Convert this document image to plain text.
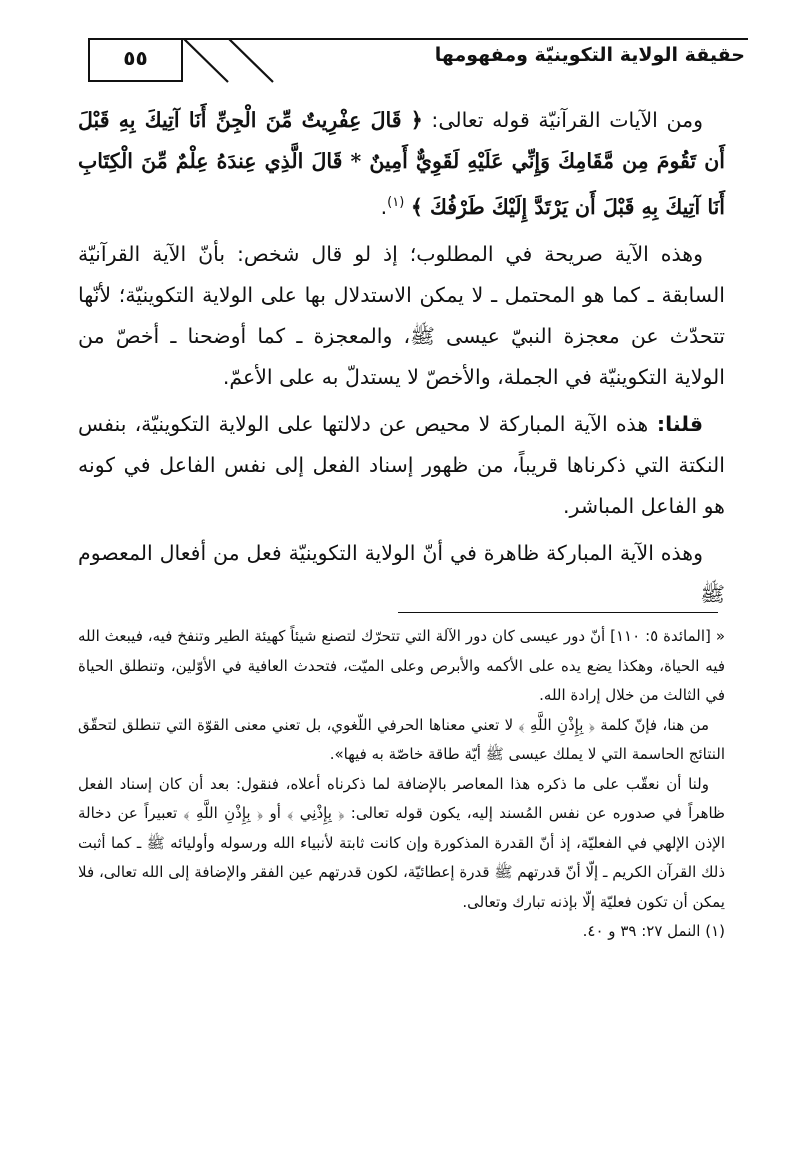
٥٥	حقيقة الولاية التكوينيّة ومفهومها

ومن الآيات القرآنيّة قوله تعالى: ﴿ قَالَ عِفْرِيتٌ مِّنَ الْجِنِّ أَنَا آتِيكَ بِهِ قَبْلَ أَن تَقُومَ مِن مَّقَامِكَ وَإِنِّي عَلَيْهِ لَقَوِيٌّ أَمِينٌ * قَالَ الَّذِي عِندَهُ عِلْمٌ مِّنَ الْكِتَابِ أَنَا آتِيكَ بِهِ قَبْلَ أَن يَرْتَدَّ إِلَيْكَ طَرْفُكَ ﴾ $^{(١)}$.

وهذه الآية صريحة في المطلوب؛ إذ لو قال شخص: بأنّ الآية القرآنيّة السابقة ـ كما هو المحتمل ـ لا يمكن الاستدلال بها على الولاية التكوينيّة؛ لأنّها تتحدّث عن معجزة النبيّ عيسى ﷺ، والمعجزة ـ كما أوضحنا ـ أخصّ من الولاية التكوينيّة في الجملة، والأخصّ لا يستدلّ به على الأعمّ.

قلنا: هذه الآية المباركة لا محيص عن دلالتها على الولاية التكوينيّة، بنفس النكتة التي ذكرناها قريباً، من ظهور إسناد الفعل إلى نفس الفاعل في كونه هو الفاعل المباشر.

وهذه الآية المباركة ظاهرة في أنّ الولاية التكوينيّة فعل من أفعال المعصوم ﷺ

« [المائدة ٥: ١١٠] أنّ دور عيسى كان دور الآلة التي تتحرّك لتصنع شيئاً كهيئة الطير وتنفخ فيه، فيبعث الله فيه الحياة، وهكذا يضع يده على الأكمه والأبرص وعلى الميّت، فتحدث العافية في الأوّلين، وتنطلق الحياة في الثالث من خلال إرادة الله.

من هنا، فإنّ كلمة ﴿ بِإِذْنِ اللَّهِ ﴾ لا تعني معناها الحرفي اللّغوي، بل تعني معنى القوّة التي تنطلق لتحقّق النتائج الحاسمة التي لا يملك عيسى ﷺ أيّة طاقة خاصّة به فيها».

ولنا أن نعقّب على ما ذكره هذا المعاصر بالإضافة لما ذكرناه أعلاه، فنقول: بعد أن كان إسناد الفعل ظاهراً في صدوره عن نفس المُسند إليه، يكون قوله تعالى: ﴿ بِإِذْنِي ﴾ أو ﴿ بِإِذْنِ اللَّهِ ﴾ تعبيراً عن دخالة الإذن الإلهي في الفعليّة، إذ أنّ القدرة المذكورة وإن كانت ثابتة لأنبياء الله ورسوله وأوليائه ﷺ ـ كما أثبت ذلك القرآن الكريم ـ إلّا أنّ قدرتهم ﷺ قدرة إعطائيّة، لكون قدرتهم عين الفقر والإضافة إلى الله تعالى، فلا يمكن أن تكون فعليّة إلّا بإذنه تبارك وتعالى.

(١) النمل ٢٧: ٣٩ و ٤٠.
